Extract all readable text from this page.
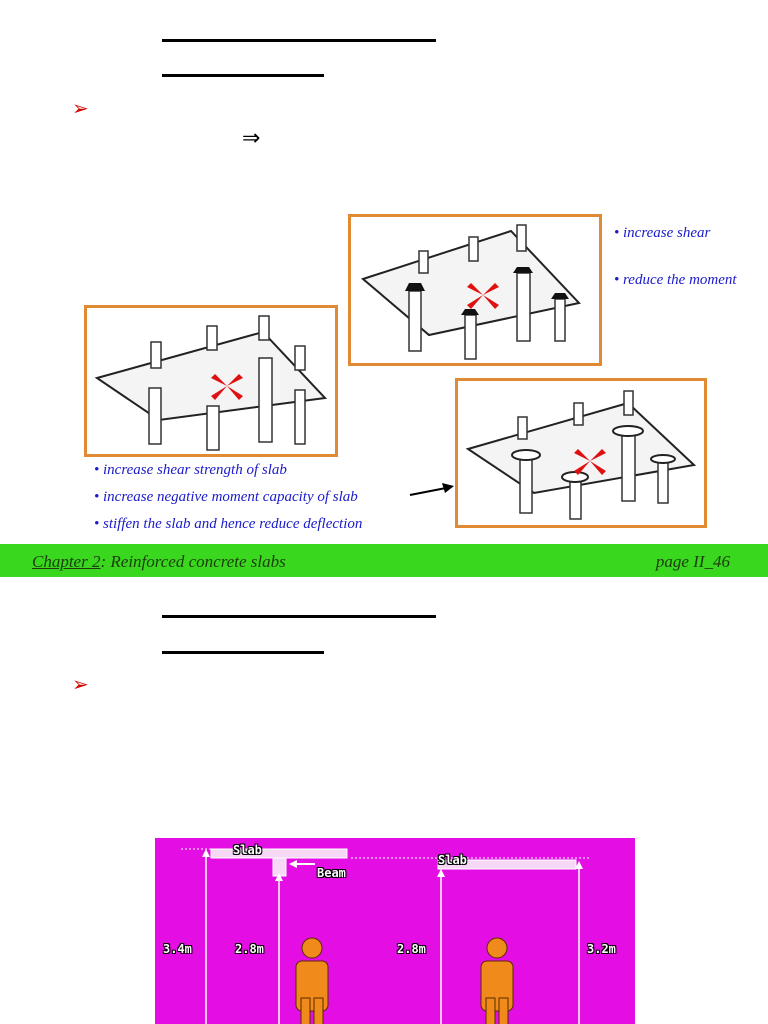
➢
⇒
• increase shear
• reduce the moment
• increase shear strength of slab
• increase negative moment capacity of slab
• stiffen the slab and hence reduce deflection
Chapter 2: Reinforced concrete slabs	page II_46
➢
Slab
Beam
Slab
3.4m	2.8m	2.8m	3.2m
